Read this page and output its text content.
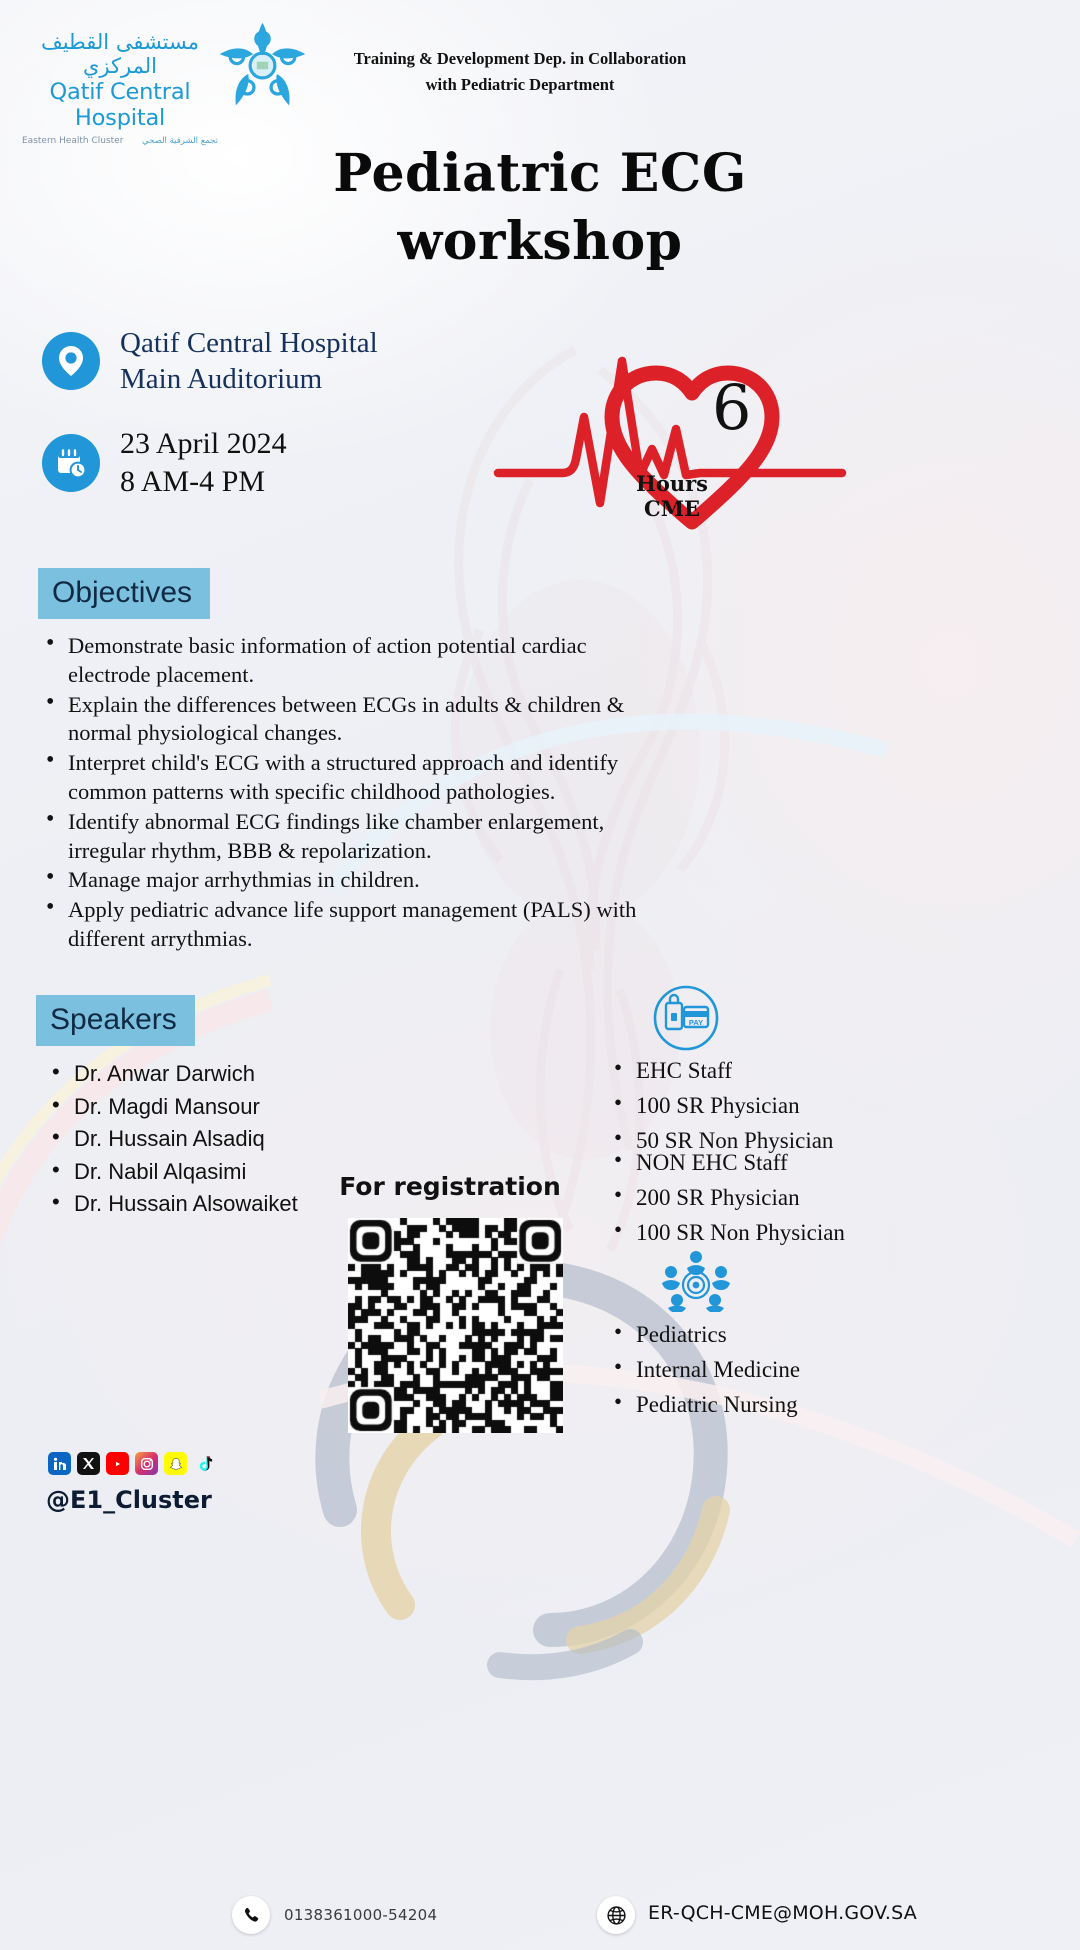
مستشفى القطيف المركزي
Qatif Central Hospital
Eastern Health Cluster تجمع الشرقية الصحي
Training & Development Dep. in Collaboration
with Pediatric Department
Pediatric ECG
workshop
Qatif Central Hospital
Main Auditorium
23 April 2024
8 AM-4 PM
6
Hours
CME
Objectives
• Demonstrate basic information of action potential cardiac electrode placement.
• Explain the differences between ECGs in adults & children & normal physiological changes.
• Interpret child's ECG with a structured approach and identify common patterns with specific childhood pathologies.
• Identify abnormal ECG findings like chamber enlargement, irregular rhythm, BBB & repolarization.
• Manage major arrhythmias in children.
• Apply pediatric advance life support management (PALS) with different arrythmias.
Speakers
• Dr. Anwar Darwich
• Dr. Magdi Mansour
• Dr. Hussain Alsadiq
• Dr. Nabil Alqasimi
• Dr. Hussain Alsowaiket
PAY
• EHC Staff
• 100 SR Physician
• 50 SR Non Physician
• NON EHC Staff
• 200 SR Physician
• 100 SR Non Physician
• Pediatrics
• Internal Medicine
• Pediatric Nursing
For registration
@E1_Cluster
0138361000-54204	ER-QCH-CME@MOH.GOV.SA
